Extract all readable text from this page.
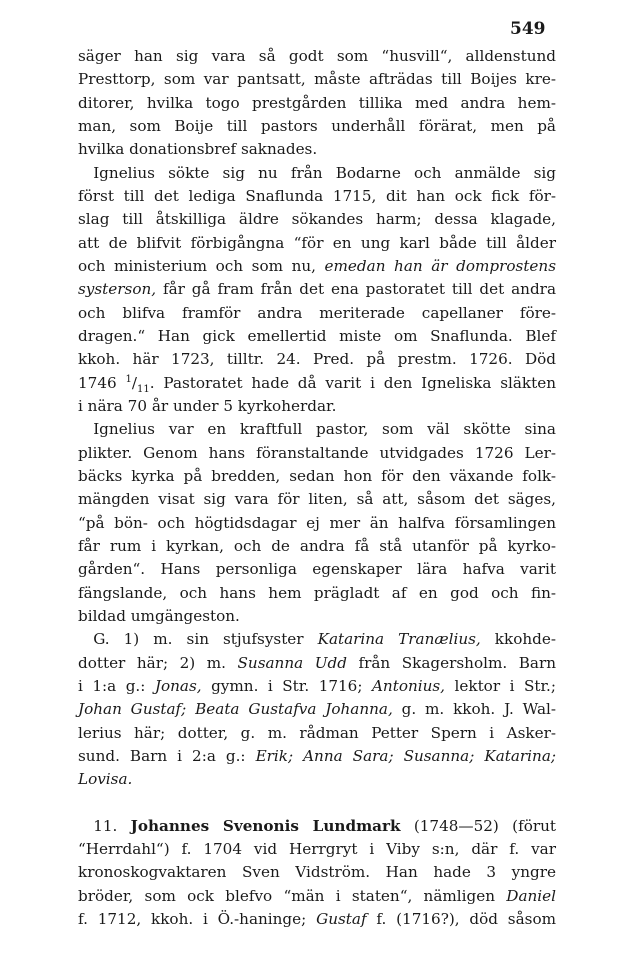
549
säger han sig vara så godt som “husvill“, alldenstund
Presttorp, som var pantsatt, måste afträdas till Boijes kre-
ditorer, hvilka togo prestgården tillika med andra hem-
man, som Boije till pastors underhåll förärat, men på
hvilka donationsbref saknades.
 Ignelius sökte sig nu från Bodarne och anmälde sig
först till det lediga Snaflunda 1715, dit han ock fick för-
slag till åtskilliga äldre sökandes harm; dessa klagade,
att de blifvit förbigångna “för en ung karl både till ålder
och ministerium och som nu, emedan han är domprostens
systerson, får gå fram från det ena pastoratet till det andra
och blifva framför andra meriterade capellaner före-
dragen.“ Han gick emellertid miste om Snaflunda. Blef
kkoh. här 1723, tilltr. 24. Pred. på prestm. 1726. Död
1746 $^1/_{11}$. Pastoratet hade då varit i den Igneliska släkten
i nära 70 år under 5 kyrkoherdar.
 Ignelius var en kraftfull pastor, som väl skötte sina
plikter. Genom hans föranstaltande utvidgades 1726 Ler-
bäcks kyrka på bredden, sedan hon för den växande folk-
mängden visat sig vara för liten, så att, såsom det säges,
“på bön- och högtidsdagar ej mer än halfva församlingen
får rum i kyrkan, och de andra få stå utanför på kyrko-
gården“. Hans personliga egenskaper lära hafva varit
fängslande, och hans hem prägladt af en god och fin-
bildad umgängeston.
 G. 1) m. sin stjufsyster Katarina Tranælius, kkohde-
dotter här; 2) m. Susanna Udd från Skagersholm. Barn
i 1:a g.: Jonas, gymn. i Str. 1716; Antonius, lektor i Str.;
Johan Gustaf; Beata Gustafva Johanna, g. m. kkoh. J. Wal-
lerius här; dotter, g. m. rådman Petter Spern i Asker-
sund. Barn i 2:a g.: Erik; Anna Sara; Susanna; Katarina;
Lovisa.
 11. Johannes Svenonis Lundmark (1748—52) (förut
“Herrdahl“) f. 1704 vid Herrgryt i Viby s:n, där f. var
kronoskogvaktaren Sven Vidström. Han hade 3 yngre
bröder, som ock blefvo “män i staten“, nämligen Daniel
f. 1712, kkoh. i Ö.-haninge; Gustaf f. (1716?), död såsom
